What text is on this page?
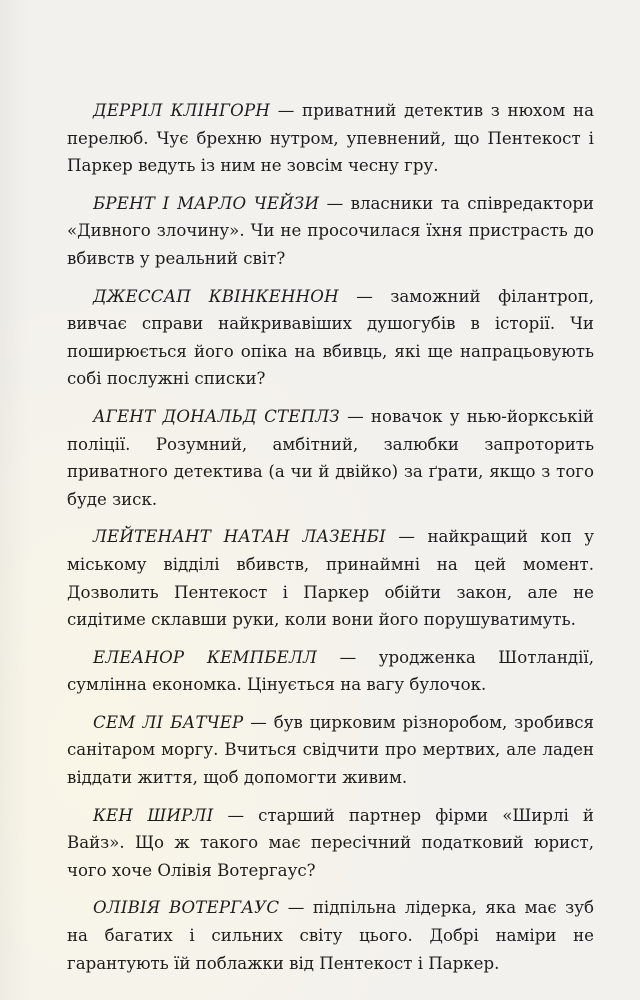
ДЕРРІЛ КЛІНГОРН — приватний детектив з нюхом на перелюб. Чує брехню нутром, упевнений, що Пентекост і Паркер ведуть із ним не зовсім чесну гру.

БРЕНТ І МАРЛО ЧЕЙЗИ — власники та співредактори «Дивного злочину». Чи не просочилася їхня пристрасть до вбивств у реальний світ?

ДЖЕССАП КВІНКЕННОН — заможний філантроп, вивчає справи найкривавіших душогубів в історії. Чи поширюється його опіка на вбивць, які ще напрацьовують собі послужні списки?

АГЕНТ ДОНАЛЬД СТЕПЛЗ — новачок у нью-йоркській поліції. Розумний, амбітний, залюбки запроторить приватного детектива (а чи й двійко) за ґрати, якщо з того буде зиск.

ЛЕЙТЕНАНТ НАТАН ЛАЗЕНБІ — найкращий коп у міському відділі вбивств, принаймні на цей момент. Дозволить Пентекост і Паркер обійти закон, але не сидітиме склавши руки, коли вони його порушуватимуть.

ЕЛЕАНОР КЕМПБЕЛЛ — уродженка Шотландії, сумлінна економка. Цінується на вагу булочок.

СЕМ ЛІ БАТЧЕР — був цирковим різноробом, зробився санітаром моргу. Вчиться свідчити про мертвих, але ладен віддати життя, щоб допомогти живим.

КЕН ШИРЛІ — старший партнер фірми «Ширлі й Вайз». Що ж такого має пересічний податковий юрист, чого хоче Олівія Вотергаус?

ОЛІВІЯ ВОТЕРГАУС — підпільна лідерка, яка має зуб на багатих і сильних світу цього. Добрі наміри не гарантують їй поблажки від Пентекост і Паркер.
